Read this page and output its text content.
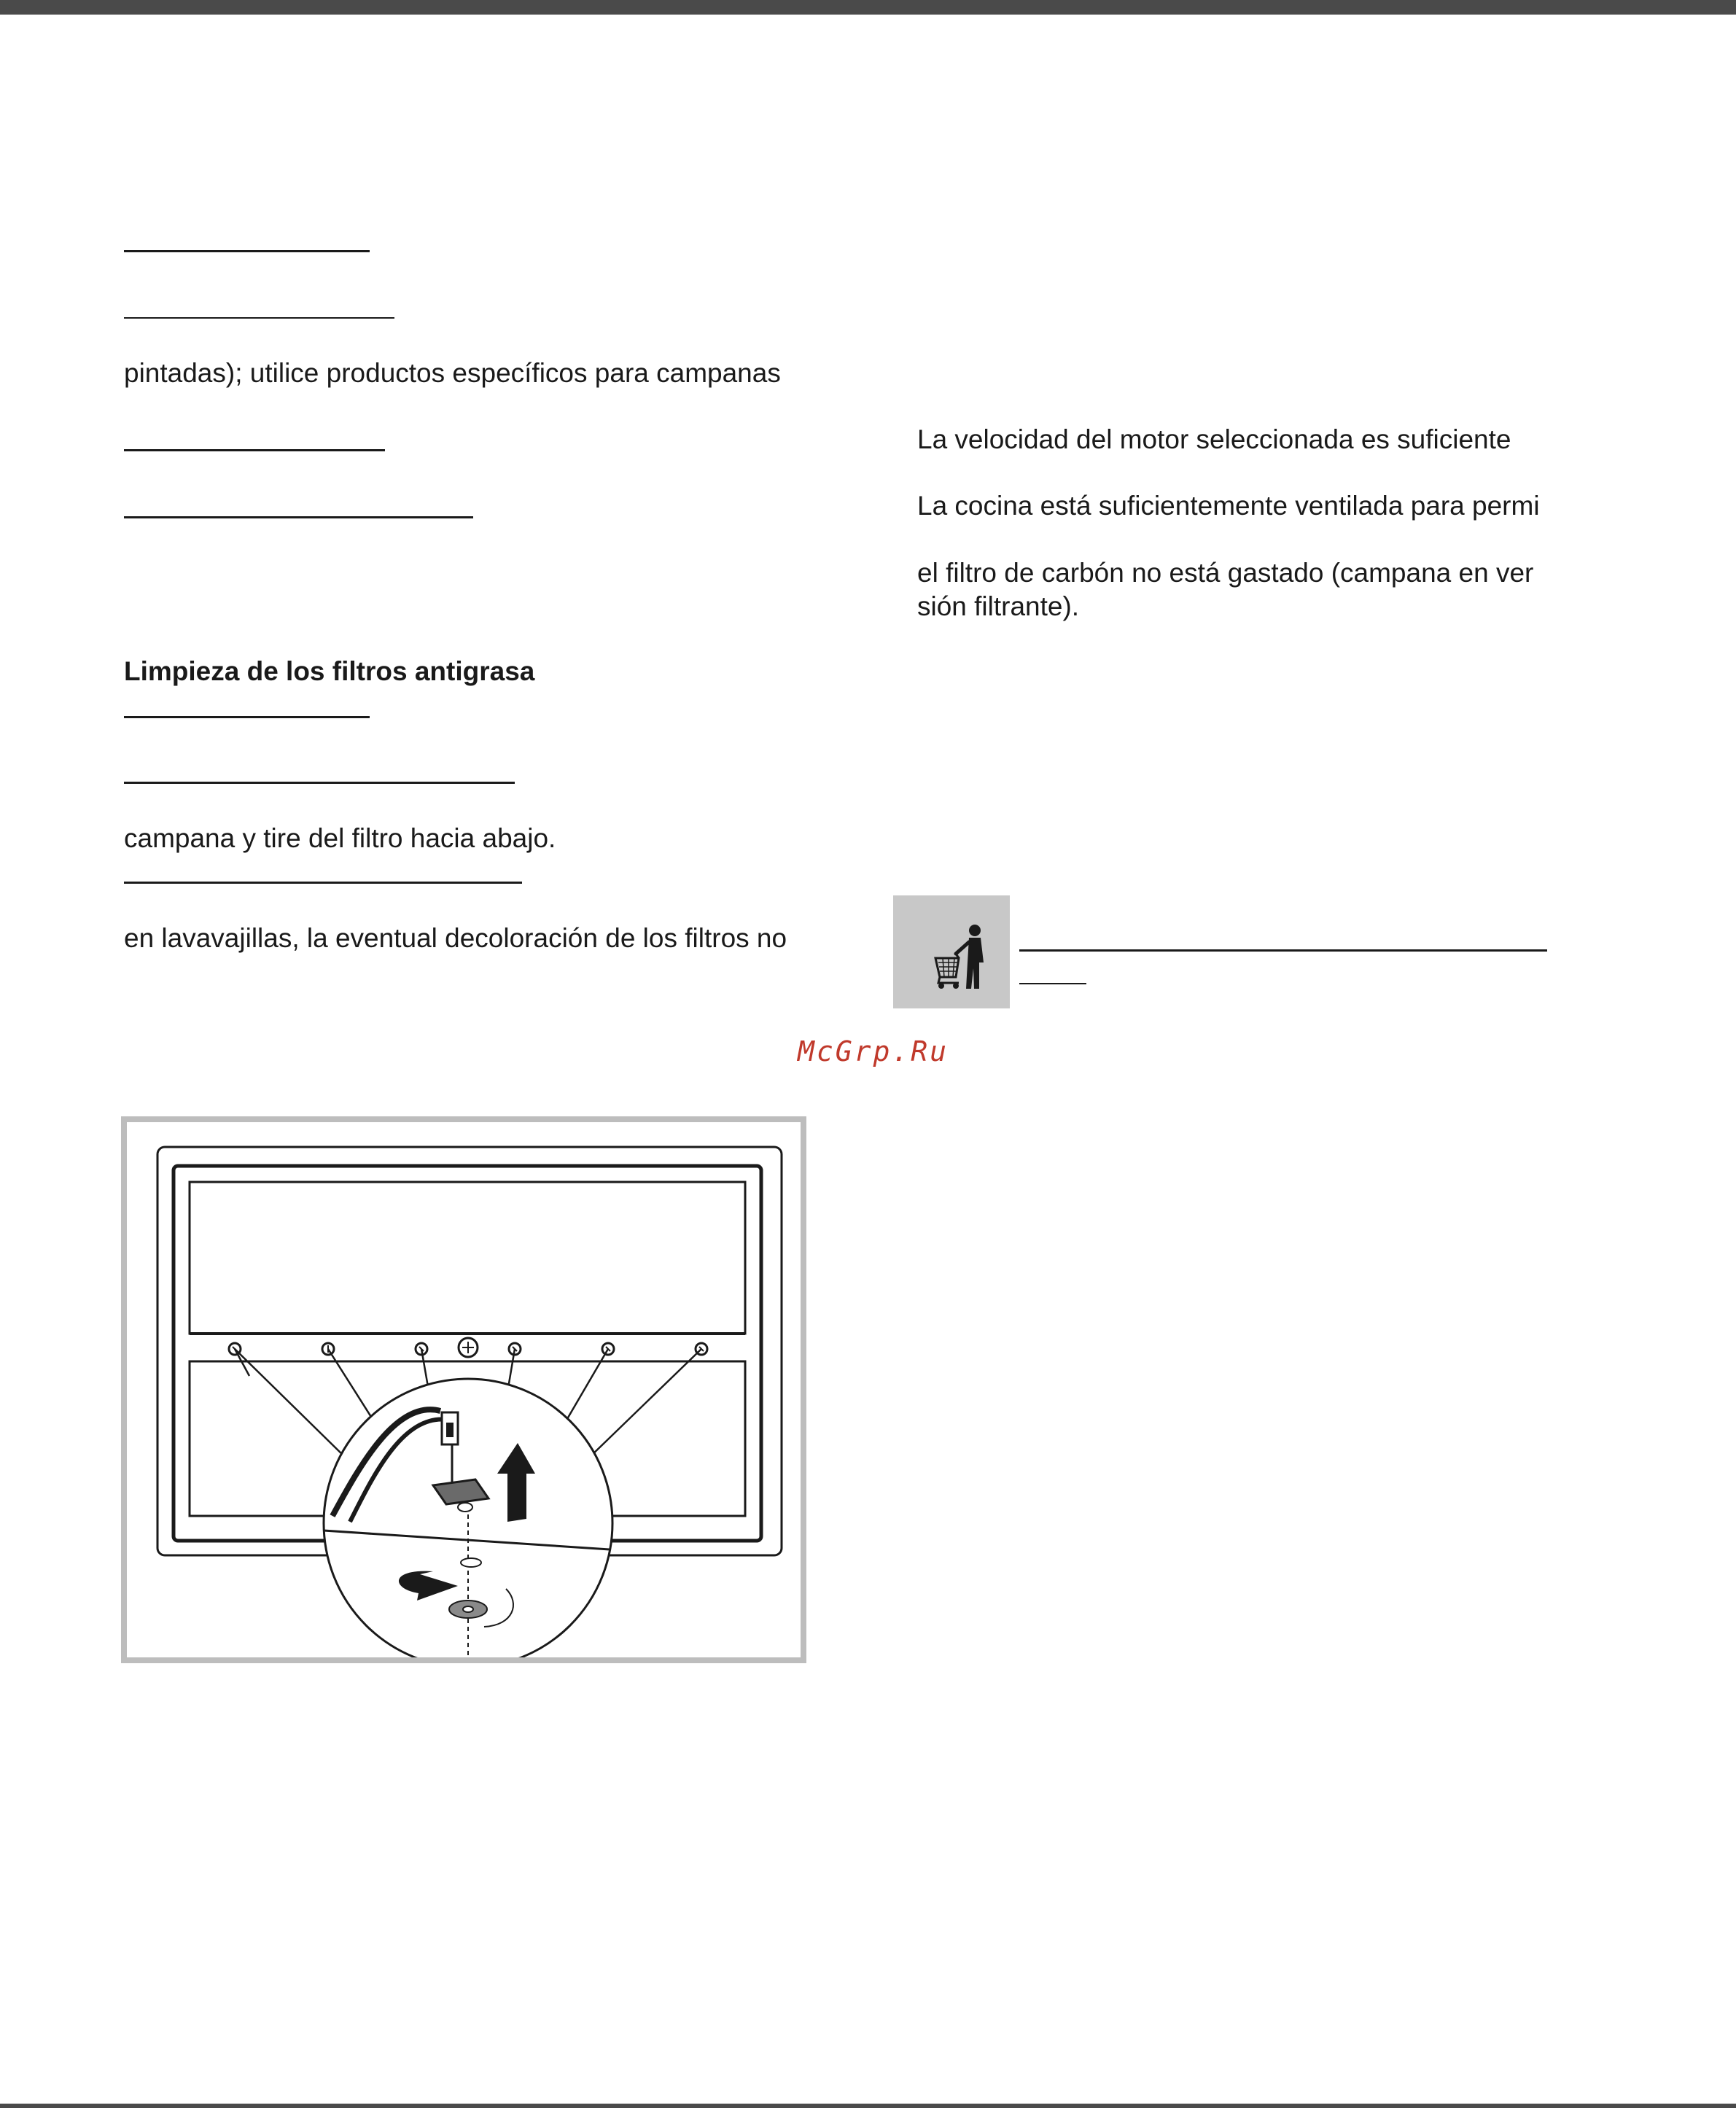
pintadas); utilice productos específicos para campanas
Limpieza de los filtros antigrasa
campana y tire del filtro hacia abajo.
en lavavajillas, la eventual decoloración de los filtros no
La velocidad del motor seleccionada es suficiente
La cocina está suficientemente ventilada para permi
el filtro de carbón no está gastado (campana en ver
sión filtrante).
McGrp.Ru
